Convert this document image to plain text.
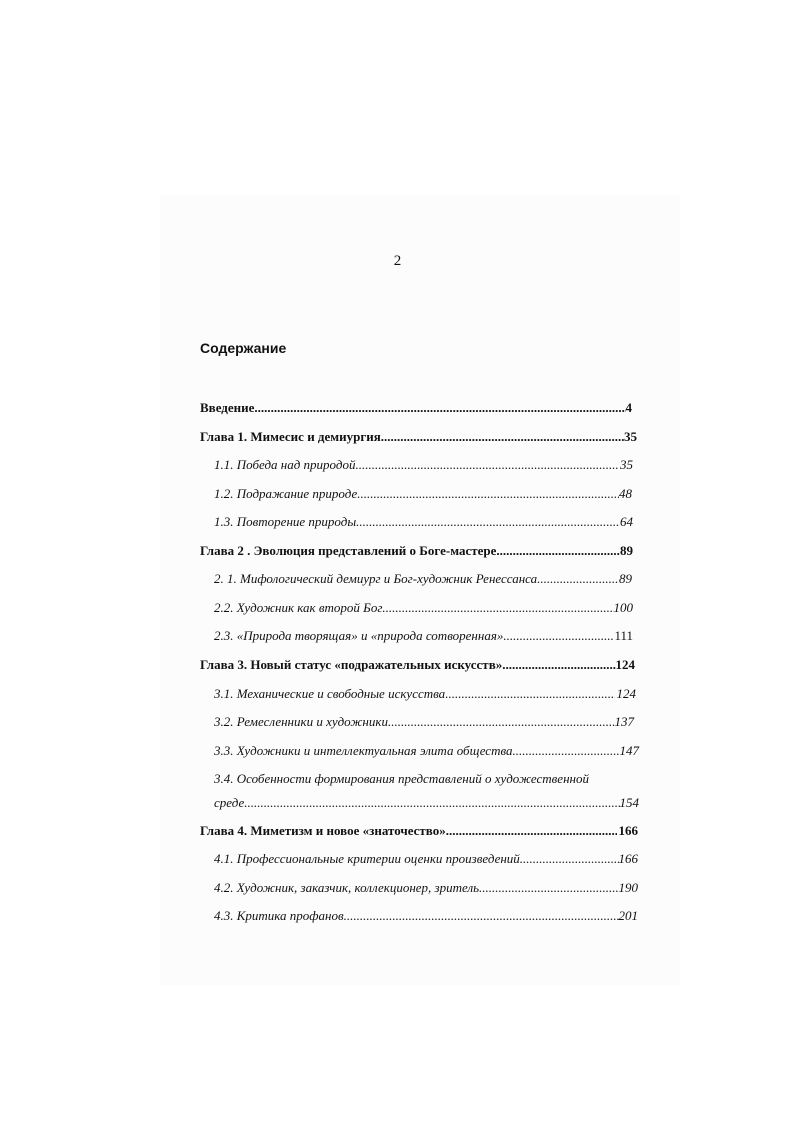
2
Содержание
Введение .....	4
Глава 1. Мимесис и демиургия .....	35
1.1. Победа над природой .....	35
1.2. Подражание природе .....	48
1.3. Повторение природы .....	64
Глава 2 . Эволюция представлений о Боге-мастере .....	89
2. 1. Мифологический демиург и Бог-художник Ренессанса .....	89
2.2. Художник как второй Бог .....	100
2.3. «Природа творящая» и «природа сотворенная» .....	111
Глава 3. Новый статус «подражательных искусств» .....	124
3.1. Механические и свободные искусства .....	124
3.2. Ремесленники и художники .....	137
3.3. Художники и интеллектуальная элита общества .....	147
3.4. Особенности формирования представлений о художественной
среде .....	154
Глава 4. Миметизм и новое «знаточество» .....	166
4.1. Профессиональные критерии оценки произведений .....	166
4.2. Художник, заказчик, коллекционер, зритель .....	190
4.3. Критика профанов .....	201
